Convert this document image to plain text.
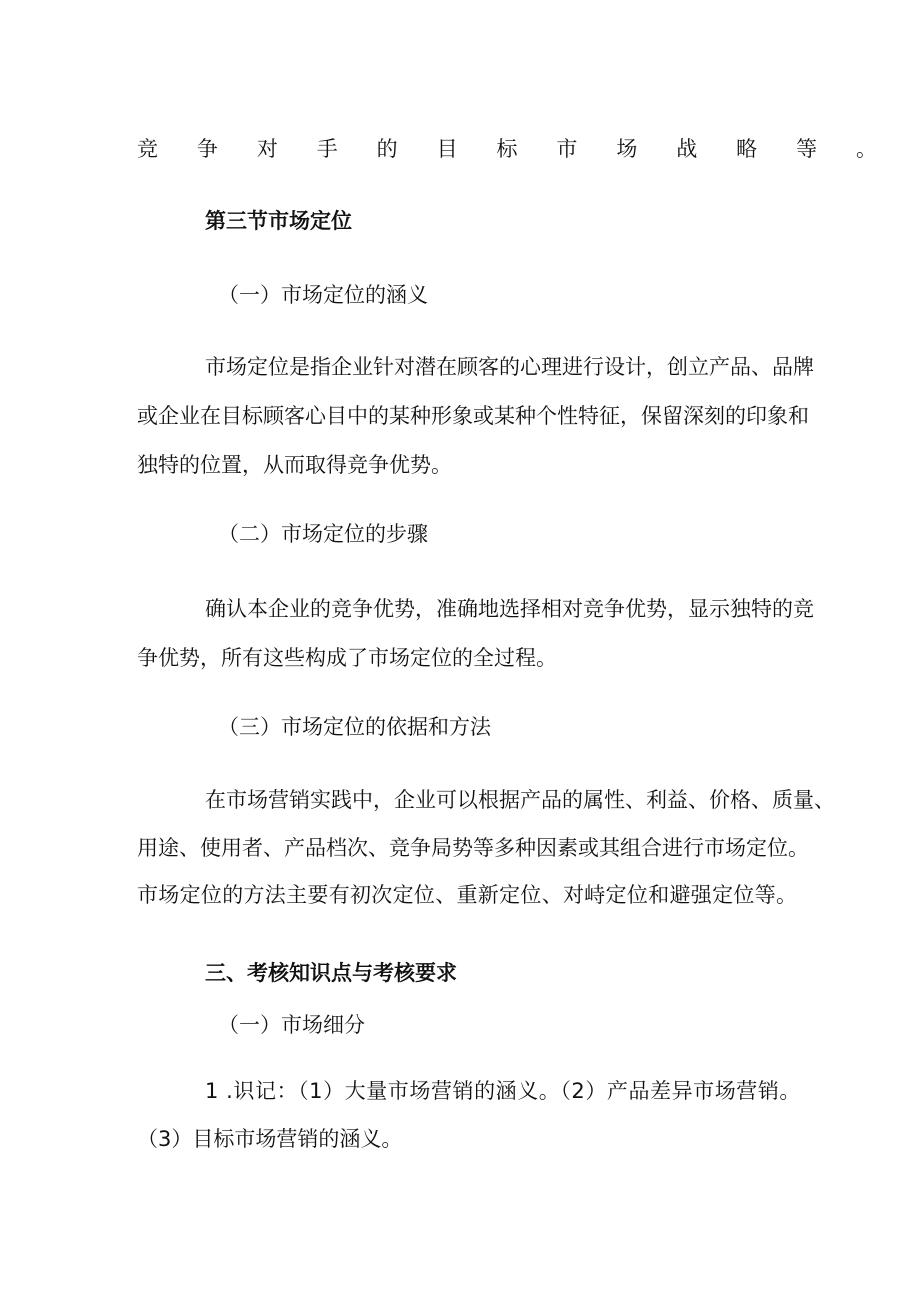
竞争对手的目标市场战略等。
第三节市场定位
（一）市场定位的涵义
市场定位是指企业针对潜在顾客的心理进行设计，创立产品、品牌
或企业在目标顾客心目中的某种形象或某种个性特征，保留深刻的印象和
独特的位置，从而取得竞争优势。
（二）市场定位的步骤
确认本企业的竞争优势，准确地选择相对竞争优势，显示独特的竞
争优势，所有这些构成了市场定位的全过程。
（三）市场定位的依据和方法
在市场营销实践中，企业可以根据产品的属性、利益、价格、质量、
用途、使用者、产品档次、竞争局势等多种因素或其组合进行市场定位。
市场定位的方法主要有初次定位、重新定位、对峙定位和避强定位等。
三、考核知识点与考核要求
（一）市场细分
1 .识记：（1）大量市场营销的涵义。（2）产品差异市场营销。
（3）目标市场营销的涵义。
